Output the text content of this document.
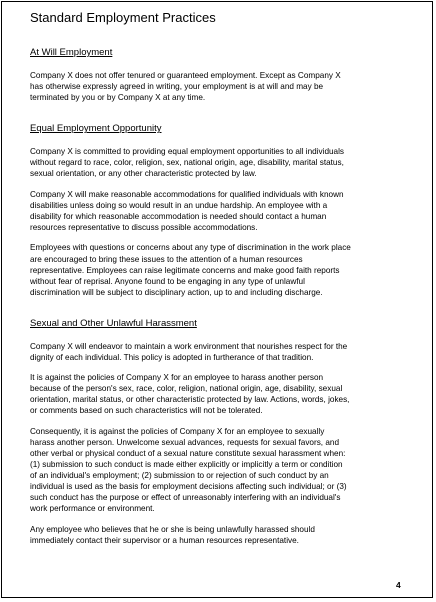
Standard Employment Practices
At Will Employment

Company X does not offer tenured or guaranteed employment. Except as Company X
has otherwise expressly agreed in writing, your employment is at will and may be
terminated by you or by Company X at any time.

Equal Employment Opportunity

Company X is committed to providing equal employment opportunities to all individuals
without regard to race, color, religion, sex, national origin, age, disability, marital status,
sexual orientation, or any other characteristic protected by law.

Company X will make reasonable accommodations for qualified individuals with known
disabilities unless doing so would result in an undue hardship. An employee with a
disability for which reasonable accommodation is needed should contact a human
resources representative to discuss possible accommodations.

Employees with questions or concerns about any type of discrimination in the work place
are encouraged to bring these issues to the attention of a human resources
representative. Employees can raise legitimate concerns and make good faith reports
without fear of reprisal. Anyone found to be engaging in any type of unlawful
discrimination will be subject to disciplinary action, up to and including discharge.

Sexual and Other Unlawful Harassment

Company X will endeavor to maintain a work environment that nourishes respect for the
dignity of each individual. This policy is adopted in furtherance of that tradition.

It is against the policies of Company X for an employee to harass another person
because of the person's sex, race, color, religion, national origin, age, disability, sexual
orientation, marital status, or other characteristic protected by law. Actions, words, jokes,
or comments based on such characteristics will not be tolerated.

Consequently, it is against the policies of Company X for an employee to sexually
harass another person. Unwelcome sexual advances, requests for sexual favors, and
other verbal or physical conduct of a sexual nature constitute sexual harassment when:
(1) submission to such conduct is made either explicitly or implicitly a term or condition
of an individual's employment; (2) submission to or rejection of such conduct by an
individual is used as the basis for employment decisions affecting such individual; or (3)
such conduct has the purpose or effect of unreasonably interfering with an individual's
work performance or environment.

Any employee who believes that he or she is being unlawfully harassed should
immediately contact their supervisor or a human resources representative.

4
